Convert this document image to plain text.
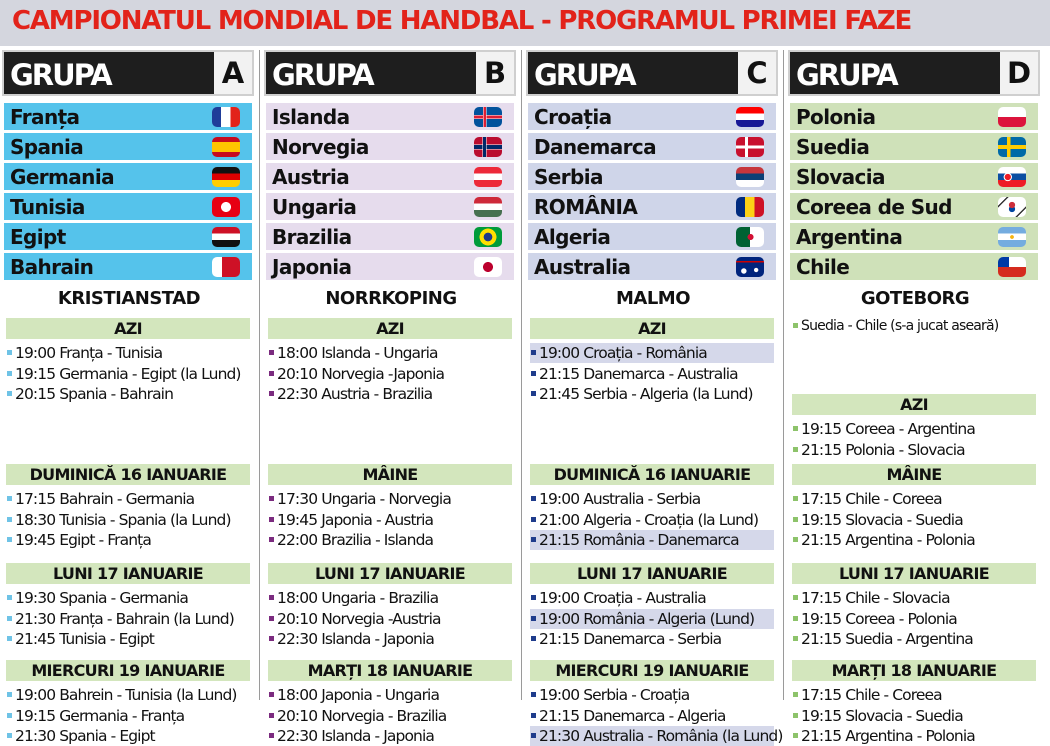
CAMPIONATUL MONDIAL DE HANDBAL - PROGRAMUL PRIMEI FAZE
GRUPA	A
Franța
Spania
Germania
Tunisia
Egipt
Bahrain
KRISTIANSTAD
AZI
19:00 Franța - Tunisia
19:15 Germania - Egipt (la Lund)
20:15 Spania - Bahrain
DUMINICĂ 16 IANUARIE
17:15 Bahrain - Germania
18:30 Tunisia - Spania (la Lund)
19:45 Egipt - Franța
LUNI 17 IANUARIE
19:30 Spania - Germania
21:30 Franța - Bahrain (la Lund)
21:45 Tunisia - Egipt
MIERCURI 19 IANUARIE
19:00 Bahrein - Tunisia (la Lund)
19:15 Germania - Franța
21:30 Spania - Egipt
GRUPA	B
Islanda
Norvegia
Austria
Ungaria
Brazilia
Japonia
NORRKOPING
AZI
18:00 Islanda - Ungaria
20:10 Norvegia -Japonia
22:30 Austria - Brazilia
MÂINE
17:30 Ungaria - Norvegia
19:45 Japonia - Austria
22:00 Brazilia - Islanda
LUNI 17 IANUARIE
18:00 Ungaria - Brazilia
20:10 Norvegia -Austria
22:30 Islanda - Japonia
MARȚI 18 IANUARIE
18:00 Japonia - Ungaria
20:10 Norvegia - Brazilia
22:30 Islanda - Japonia
GRUPA	C
Croația
Danemarca
Serbia
ROMÂNIA
Algeria
Australia
MALMO
AZI
19:00 Croația - România
21:15 Danemarca - Australia
21:45 Serbia - Algeria (la Lund)
DUMINICĂ 16 IANUARIE
19:00 Australia - Serbia
21:00 Algeria - Croația (la Lund)
21:15 România - Danemarca
LUNI 17 IANUARIE
19:00 Croația - Australia
19:00 România - Algeria (Lund)
21:15 Danemarca - Serbia
MIERCURI 19 IANUARIE
19:00 Serbia - Croația
21:15 Danemarca - Algeria
21:30 Australia - România (la Lund)
GRUPA	D
Polonia
Suedia
Slovacia
Coreea de Sud
Argentina
Chile
GOTEBORG
Suedia - Chile (s-a jucat aseară)
AZI
19:15 Coreea - Argentina
21:15 Polonia - Slovacia
MÂINE
17:15 Chile - Coreea
19:15 Slovacia - Suedia
21:15 Argentina - Polonia
LUNI 17 IANUARIE
17:15 Chile - Slovacia
19:15 Coreea - Polonia
21:15 Suedia - Argentina
MARȚI 18 IANUARIE
17:15 Chile - Coreea
19:15 Slovacia - Suedia
21:15 Argentina - Polonia
